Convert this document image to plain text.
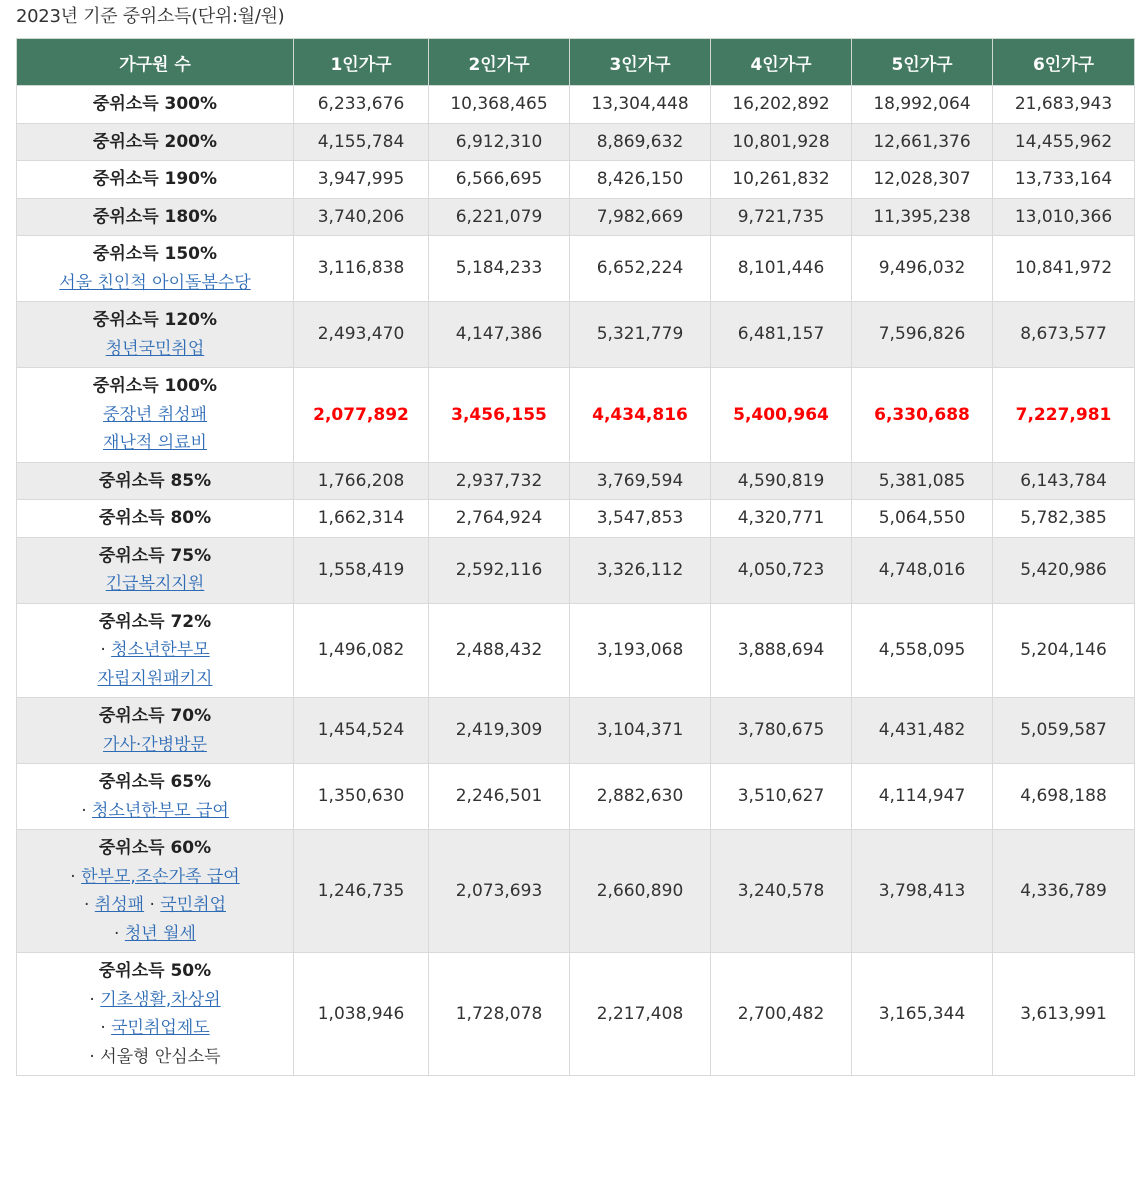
2023년 기준 중위소득(단위:월/원)
가구원 수	1인가구	2인가구	3인가구	4인가구	5인가구	6인가구

중위소득 300%	6,233,676	10,368,465	13,304,448	16,202,892	18,992,064	21,683,943

중위소득 200%	4,155,784	6,912,310	8,869,632	10,801,928	12,661,376	14,455,962

중위소득 190%	3,947,995	6,566,695	8,426,150	10,261,832	12,028,307	13,733,164

중위소득 180%	3,740,206	6,221,079	7,982,669	9,721,735	11,395,238	13,010,366

중위소득 150%
서울 친인척 아이돌봄수당	3,116,838	5,184,233	6,652,224	8,101,446	9,496,032	10,841,972

중위소득 120%
청년국민취업	2,493,470	4,147,386	5,321,779	6,481,157	7,596,826	8,673,577

중위소득 100%
중장년 취성패
재난적 의료비	2,077,892	3,456,155	4,434,816	5,400,964	6,330,688	7,227,981

중위소득 85%	1,766,208	2,937,732	3,769,594	4,590,819	5,381,085	6,143,784

중위소득 80%	1,662,314	2,764,924	3,547,853	4,320,771	5,064,550	5,782,385

중위소득 75%
긴급복지지원	1,558,419	2,592,116	3,326,112	4,050,723	4,748,016	5,420,986

중위소득 72%
· 청소년한부모
자립지원패키지	1,496,082	2,488,432	3,193,068	3,888,694	4,558,095	5,204,146

중위소득 70%
가사·간병방문	1,454,524	2,419,309	3,104,371	3,780,675	4,431,482	5,059,587

중위소득 65%
· 청소년한부모 급여	1,350,630	2,246,501	2,882,630	3,510,627	4,114,947	4,698,188

중위소득 60%
· 한부모,조손가족 급여
· 취성패 · 국민취업
· 청년 월세	1,246,735	2,073,693	2,660,890	3,240,578	3,798,413	4,336,789

중위소득 50%
· 기초생활,차상위
· 국민취업제도
· 서울형 안심소득	1,038,946	1,728,078	2,217,408	2,700,482	3,165,344	3,613,991
